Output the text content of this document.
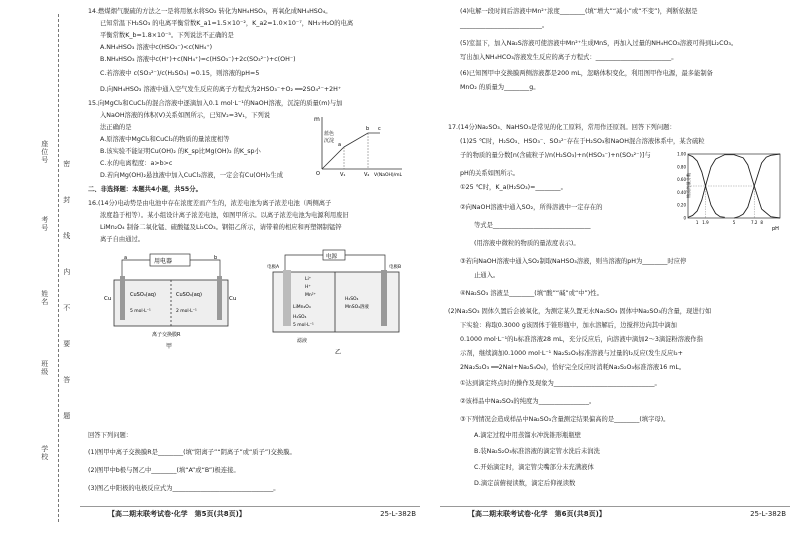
座位号
考号
姓名
班级
学校
密
封
线
内
不
要
答
题
14.燃煤烟气脱硫的方法之一是将用氨水将SO₂ 转化为NH₄HSO₃，再氧化成NH₄HSO₄。
已知常温下H₂SO₃ 的电离平衡常数K_a1=1.5×10⁻²，K_a2=1.0×10⁻⁷，NH₃·H₂O的电离
平衡常数K_b=1.8×10⁻⁵。下列说法不正确的是
A.NH₄HSO₃ 溶液中c(HSO₃⁻)<c(NH₄⁺)
B.NH₄HSO₃ 溶液中c(H⁺)+c(NH₄⁺)=c(HSO₃⁻)+2c(SO₃²⁻)+c(OH⁻)
C.若溶液中 c(SO₃²⁻)/c(H₂SO₃) =0.15，则溶液的pH=5
D.向NH₄HSO₃ 溶液中通入空气发生反应的离子方程式为2HSO₃⁻+O₂ ══2SO₄²⁻+2H⁺
15.向MgCl₂和CuCl₂的混合溶液中逐滴加入0.1 mol·L⁻¹的NaOH溶液，沉淀的质量(m)与加
入NaOH溶液的体积(V)关系如图所示，已知V₂=3V₁，下列说
法正确的是
A.原溶液中MgCl₂和CuCl₂的物质的量浓度相等
B.该实验不能证明Cu(OH)₂ 的K_sp比Mg(OH)₂ 的K_sp小
C.水的电离程度：a>b>c
D.若向Mg(OH)₂悬浊液中加入CuCl₂溶液，一定会有Cu(OH)₂生成
m
O	V₁	V₂ V(NaOH)/mL
a
b c
蓝色
沉淀
二、非选择题：本题共4小题，共55分。
16.(14分)电动势是由电池中存在浓度差而产生的，浓差电池为离子浓差电池（两侧离子
浓度趋于相等）。某小组设计离子浓差电池，如图甲所示。以离子浓差电池为电源利用废旧
LiMn₂O₄ 制备二氧化锰、硫酸锰及Li₂CO₃。钢铝乙所示，请带着的相应和再塑钢制锰锌
离子自由通过。
用电器
a	b
Cu	Cu
CuSO₄(aq)
5 mol·L⁻¹
CuSO₄(aq)
2 mol·L⁻¹
离子交换膜R
甲
电源
电极A	电极B
Li⁺
H⁺
Mn²⁺
LiMn₂O₄
H₂SO₄
5 mol·L⁻¹
H₂SO₄
MnSO₄溶液
滤液
乙
回答下列问题：
(1)图甲中离子交换膜R是________(填“阳离子”“阴离子”或“质子”)交换膜。
(2)图甲中b极与图乙中________(填“A”或“B”)极连接。
(3)图乙中阳极的电极反应式为________________________________。
【高二期末联考试卷·化学　第5页(共8页)】	25-L-382B
(4)电解一段时间后溶液中Mn²⁺浓度________(填“增大”“减小”或“不变”)，判断依据是
__________________________。
(5)室温下，加入Na₂S溶液可使溶液中Mn²⁺生成MnS，再加入过量的NH₄HCO₃溶液可得到Li₂CO₃。
写出加入NH₄HCO₃溶液发生反应的离子方程式：________________________。
(6)已知图甲中交换膜两侧溶液都是200 mL，忽略体积变化，利用图甲作电源，最多能制备
MnO₂ 的质量为________g。
17.(14分)Na₂SO₃、NaHSO₃是常见的化工原料，常用作还原剂。回答下列问题：
(1)25 ℃时，H₂SO₃、HSO₃⁻、SO₃²⁻存在于H₂SO₃和NaOH混合溶液体系中，某含硫粒
子的物质的量分数[n(含硫粒子)/n(H₂SO₃)+n(HSO₃⁻)+n(SO₃²⁻)]与
pH的关系如图所示。
①25 ℃时，K_a(H₂SO₃)=________。
②向NaOH溶液中通入SO₂，所得溶液中一定存在的
等式是_______________________________
(用溶液中微粒的物质的量浓度表示)。
③若向NaOH溶液中通入SO₂制取NaHSO₃溶液，则当溶液的pH为________时应停
止通入。
④Na₂SO₃ 溶液呈________(填“酸”“碱”或“中”)性。
物质的量分数
pH
1.00
0.80
0.60
0.40
0.20
0
1 1.9	5	7.2 8
(2)Na₂SO₃ 固体久置后会被氧化，为测定某久置无水Na₂SO₃ 固体中Na₂SO₃的含量，现进行如
下实验：称取0.3000 g该固体于锥形瓶中，加水溶解后，边搅拌边向其中滴加
0.1000 mol·L⁻¹的I₂标准溶液28 mL，充分反应后，向溶液中滴加2～3滴淀粉溶液作指
示剂，继续滴加0.1000 mol·L⁻¹ Na₂S₂O₃标准溶液与过量的I₂反应(发生反应I₂+
2Na₂S₂O₃ ══2NaI+Na₂S₄O₆)，恰好完全反应时消耗Na₂S₂O₃标准溶液16 mL。
①达到滴定终点时的操作及现象为________________________________。
②该样品中Na₂SO₃的纯度为________________。
③下列情况会造成样品中Na₂SO₃含量测定结果偏高的是________(填字母)。
A.滴定过程中用蒸馏水冲洗锥形瓶瓶壁
B.装Na₂S₂O₃标准溶液的滴定管水洗后未润洗
C.开始滴定时，滴定管尖嘴部分未充满液体
D.滴定前俯视读数，滴定后仰视读数
【高二期末联考试卷·化学　第6页(共8页)】	25-L-382B
